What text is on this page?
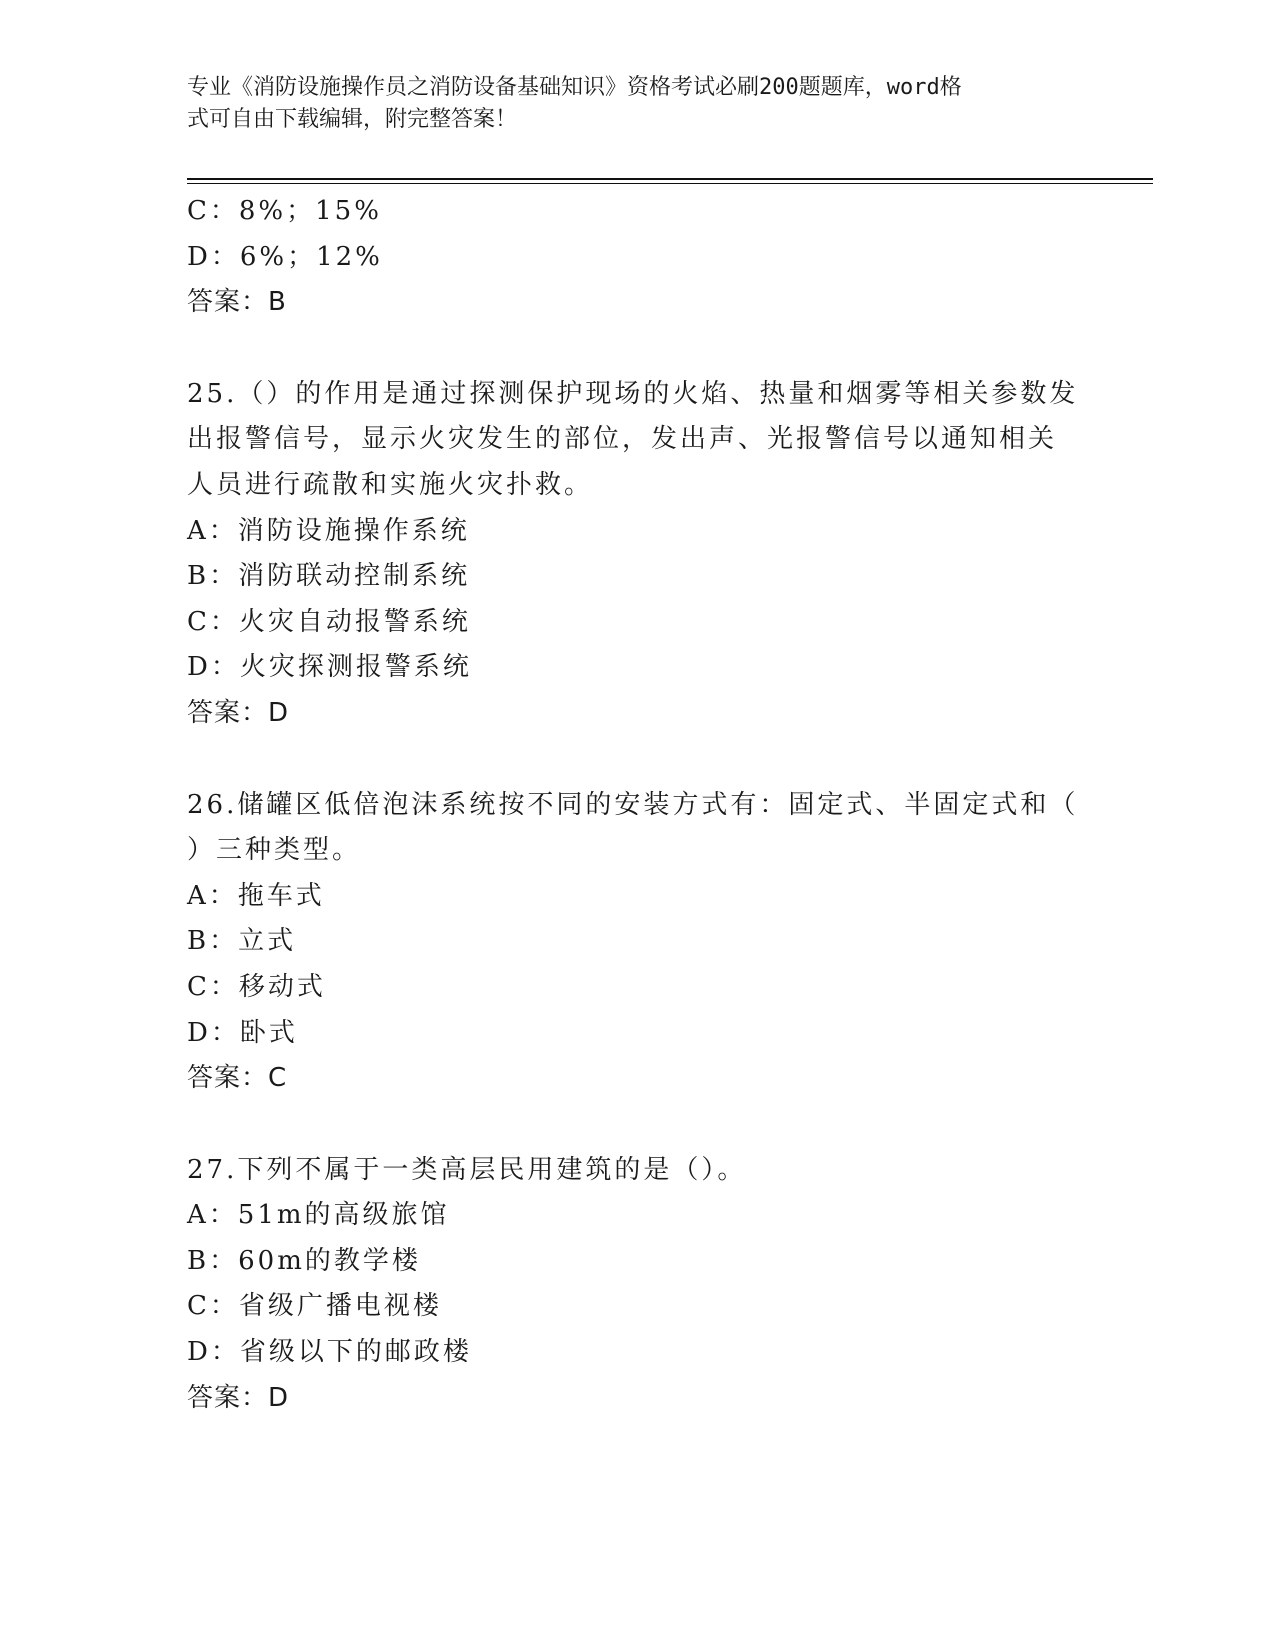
专业《消防设施操作员之消防设备基础知识》资格考试必刷200题题库，word格
式可自由下载编辑，附完整答案！
C：8%；15%
D：6%；12%
答案：B
25.（）的作用是通过探测保护现场的火焰、热量和烟雾等相关参数发
出报警信号，显示火灾发生的部位，发出声、光报警信号以通知相关
人员进行疏散和实施火灾扑救。
A：消防设施操作系统
B：消防联动控制系统
C：火灾自动报警系统
D：火灾探测报警系统
答案：D
26.储罐区低倍泡沫系统按不同的安装方式有：固定式、半固定式和（
）三种类型。
A：拖车式
B：立式
C：移动式
D：卧式
答案：C
27.下列不属于一类高层民用建筑的是（）。
A：51m的高级旅馆
B：60m的教学楼
C：省级广播电视楼
D：省级以下的邮政楼
答案：D
